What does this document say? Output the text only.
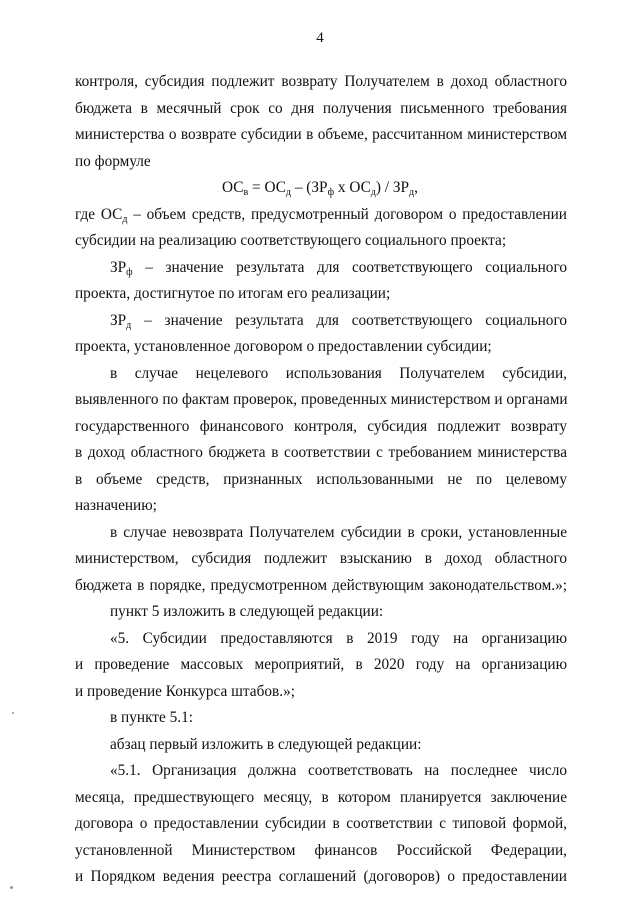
4
контроля, субсидия подлежит возврату Получателем в доход областного
бюджета в месячный срок со дня получения письменного требования
министерства о возврате субсидии в объеме, рассчитанном министерством
по формуле
$ОС_в = ОС_д - (ЗР_ф$ х $ОС_д) / ЗР_д$,
где $ОС_д$ – объем средств, предусмотренный договором о предоставлении
субсидии на реализацию соответствующего социального проекта;
$ЗР_ф$ – значение результата для соответствующего социального
проекта, достигнутое по итогам его реализации;
$ЗР_д$ – значение результата для соответствующего социального
проекта, установленное договором о предоставлении субсидии;
в случае нецелевого использования Получателем субсидии,
выявленного по фактам проверок, проведенных министерством и органами
государственного финансового контроля, субсидия подлежит возврату
в доход областного бюджета в соответствии с требованием министерства
в объеме средств, признанных использованными не по целевому
назначению;
в случае невозврата Получателем субсидии в сроки, установленные
министерством, субсидия подлежит взысканию в доход областного
бюджета в порядке, предусмотренном действующим законодательством.»;
пункт 5 изложить в следующей редакции:
«5. Субсидии предоставляются в 2019 году на организацию
и проведение массовых мероприятий, в 2020 году на организацию
и проведение Конкурса штабов.»;
в пункте 5.1:
абзац первый изложить в следующей редакции:
«5.1. Организация должна соответствовать на последнее число
месяца, предшествующего месяцу, в котором планируется заключение
договора о предоставлении субсидии в соответствии с типовой формой,
установленной Министерством финансов Российской Федерации,
и Порядком ведения реестра соглашений (договоров) о предоставлении
